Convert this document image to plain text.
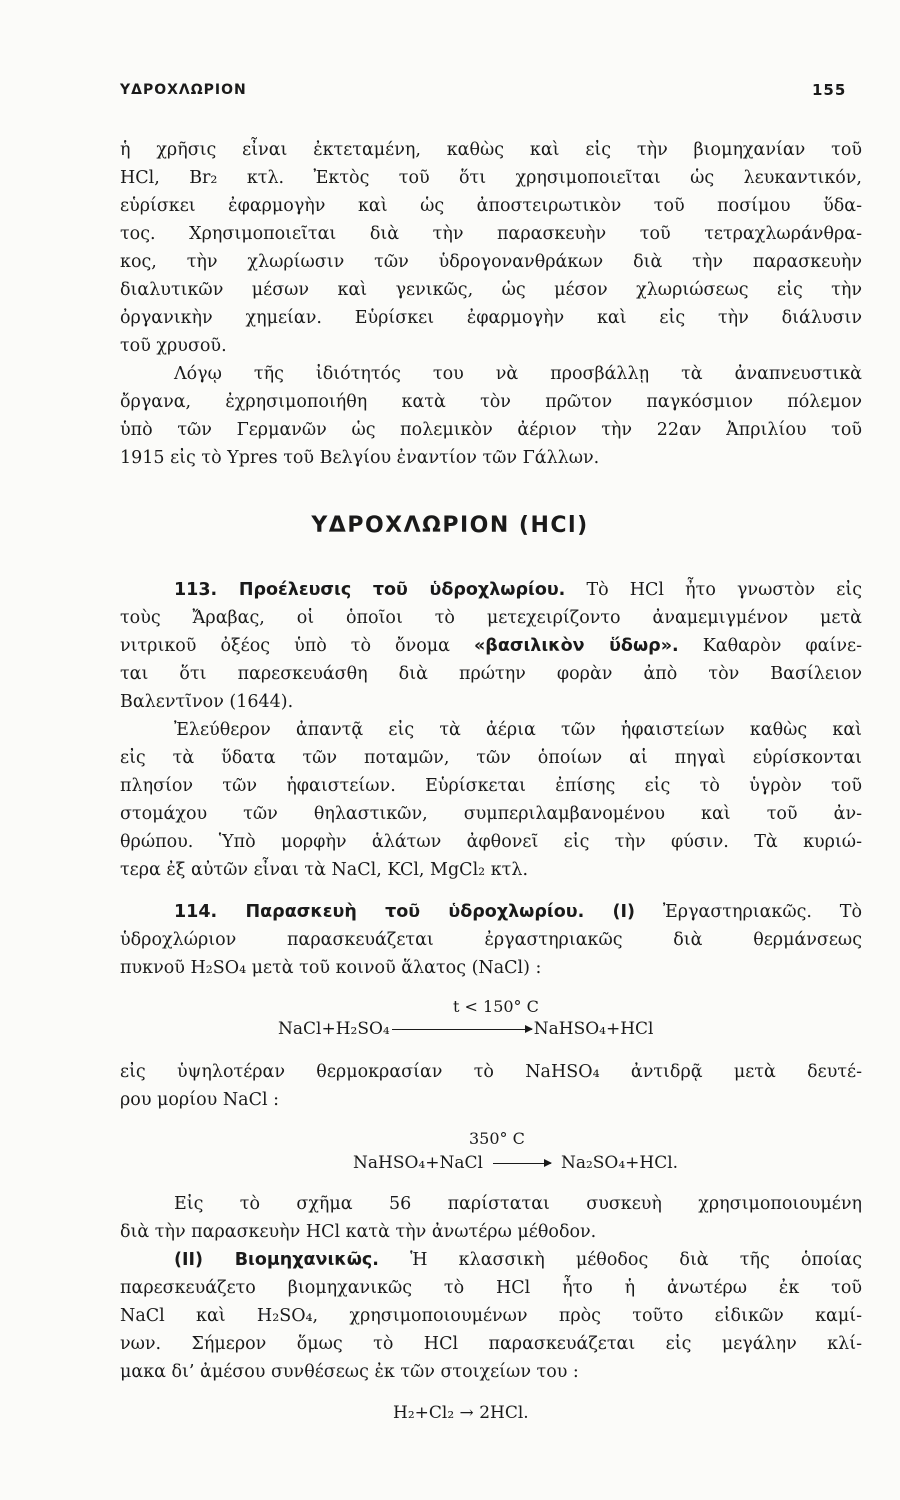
ΥΔΡΟΧΛΩΡΙΟΝ	155
ἡ χρῆσις εἶναι ἐκτεταμένη, καθὼς καὶ εἰς τὴν βιομηχανίαν τοῦ
HCl, Br₂ κτλ. Ἐκτὸς τοῦ ὅτι χρησιμοποιεῖται ὡς λευκαντικόν,
εὑρίσκει ἐφαρμογὴν καὶ ὡς ἀποστειρωτικὸν τοῦ ποσίμου ὕδα-
τος. Χρησιμοποιεῖται διὰ τὴν παρασκευὴν τοῦ τετραχλωράνθρα-
κος, τὴν χλωρίωσιν τῶν ὑδρογονανθράκων διὰ τὴν παρασκευὴν
διαλυτικῶν μέσων καὶ γενικῶς, ὡς μέσον χλωριώσεως εἰς τὴν
ὀργανικὴν χημείαν. Εὑρίσκει ἐφαρμογὴν καὶ εἰς τὴν διάλυσιν
τοῦ χρυσοῦ.
Λόγῳ τῆς ἰδιότητός του νὰ προσβάλλῃ τὰ ἀναπνευστικὰ
ὄργανα, ἐχρησιμοποιήθη κατὰ τὸν πρῶτον παγκόσμιον πόλεμον
ὑπὸ τῶν Γερμανῶν ὡς πολεμικὸν ἀέριον τὴν 22αν Ἀπριλίου τοῦ
1915 εἰς τὸ Ypres τοῦ Βελγίου ἐναντίον τῶν Γάλλων.
ΥΔΡΟΧΛΩΡΙΟΝ (HCl)
113. Προέλευσις τοῦ ὑδροχλωρίου. Τὸ HCl ἦτο γνωστὸν εἰς
τοὺς Ἄραβας, οἱ ὁποῖοι τὸ μετεχειρίζοντο ἀναμεμιγμένον μετὰ
νιτρικοῦ ὀξέος ὑπὸ τὸ ὄνομα «βασιλικὸν ὕδωρ». Καθαρὸν φαίνε-
ται ὅτι παρεσκευάσθη διὰ πρώτην φορὰν ἀπὸ τὸν Βασίλειον
Βαλεντῖνον (1644).
Ἐλεύθερον ἀπαντᾷ εἰς τὰ ἀέρια τῶν ἡφαιστείων καθὼς καὶ
εἰς τὰ ὕδατα τῶν ποταμῶν, τῶν ὁποίων αἱ πηγαὶ εὑρίσκονται
πλησίον τῶν ἡφαιστείων. Εὑρίσκεται ἐπίσης εἰς τὸ ὑγρὸν τοῦ
στομάχου τῶν θηλαστικῶν, συμπεριλαμβανομένου καὶ τοῦ ἀν-
θρώπου. Ὑπὸ μορφὴν ἁλάτων ἀφθονεῖ εἰς τὴν φύσιν. Τὰ κυριώ-
τερα ἐξ αὐτῶν εἶναι τὰ NaCl, KCl, MgCl₂ κτλ.
114. Παρασκευὴ τοῦ ὑδροχλωρίου. (Ι) Ἐργαστηριακῶς. Τὸ
ὑδροχλώριον παρασκευάζεται ἐργαστηριακῶς διὰ θερμάνσεως
πυκνοῦ H₂SO₄ μετὰ τοῦ κοινοῦ ἅλατος (NaCl) :
t < 150° C
NaCl+H₂SO₄	NaHSO₄+HCl
εἰς ὑψηλοτέραν θερμοκρασίαν τὸ NaHSO₄ ἀντιδρᾷ μετὰ δευτέ-
ρου μορίου NaCl :
350° C
NaHSO₄+NaCl	Na₂SO₄+HCl.
Εἰς τὸ σχῆμα 56 παρίσταται συσκευὴ χρησιμοποιουμένη
διὰ τὴν παρασκευὴν HCl κατὰ τὴν ἀνωτέρω μέθοδον.
(ΙΙ) Βιομηχανικῶς. Ἡ κλασσικὴ μέθοδος διὰ τῆς ὁποίας
παρεσκευάζετο βιομηχανικῶς τὸ HCl ἦτο ἡ ἀνωτέρω ἐκ τοῦ
NaCl καὶ H₂SO₄, χρησιμοποιουμένων πρὸς τοῦτο εἰδικῶν καμί-
νων. Σήμερον ὅμως τὸ HCl παρασκευάζεται εἰς μεγάλην κλί-
μακα δι’ ἀμέσου συνθέσεως ἐκ τῶν στοιχείων του :
H₂+Cl₂ → 2HCl.
